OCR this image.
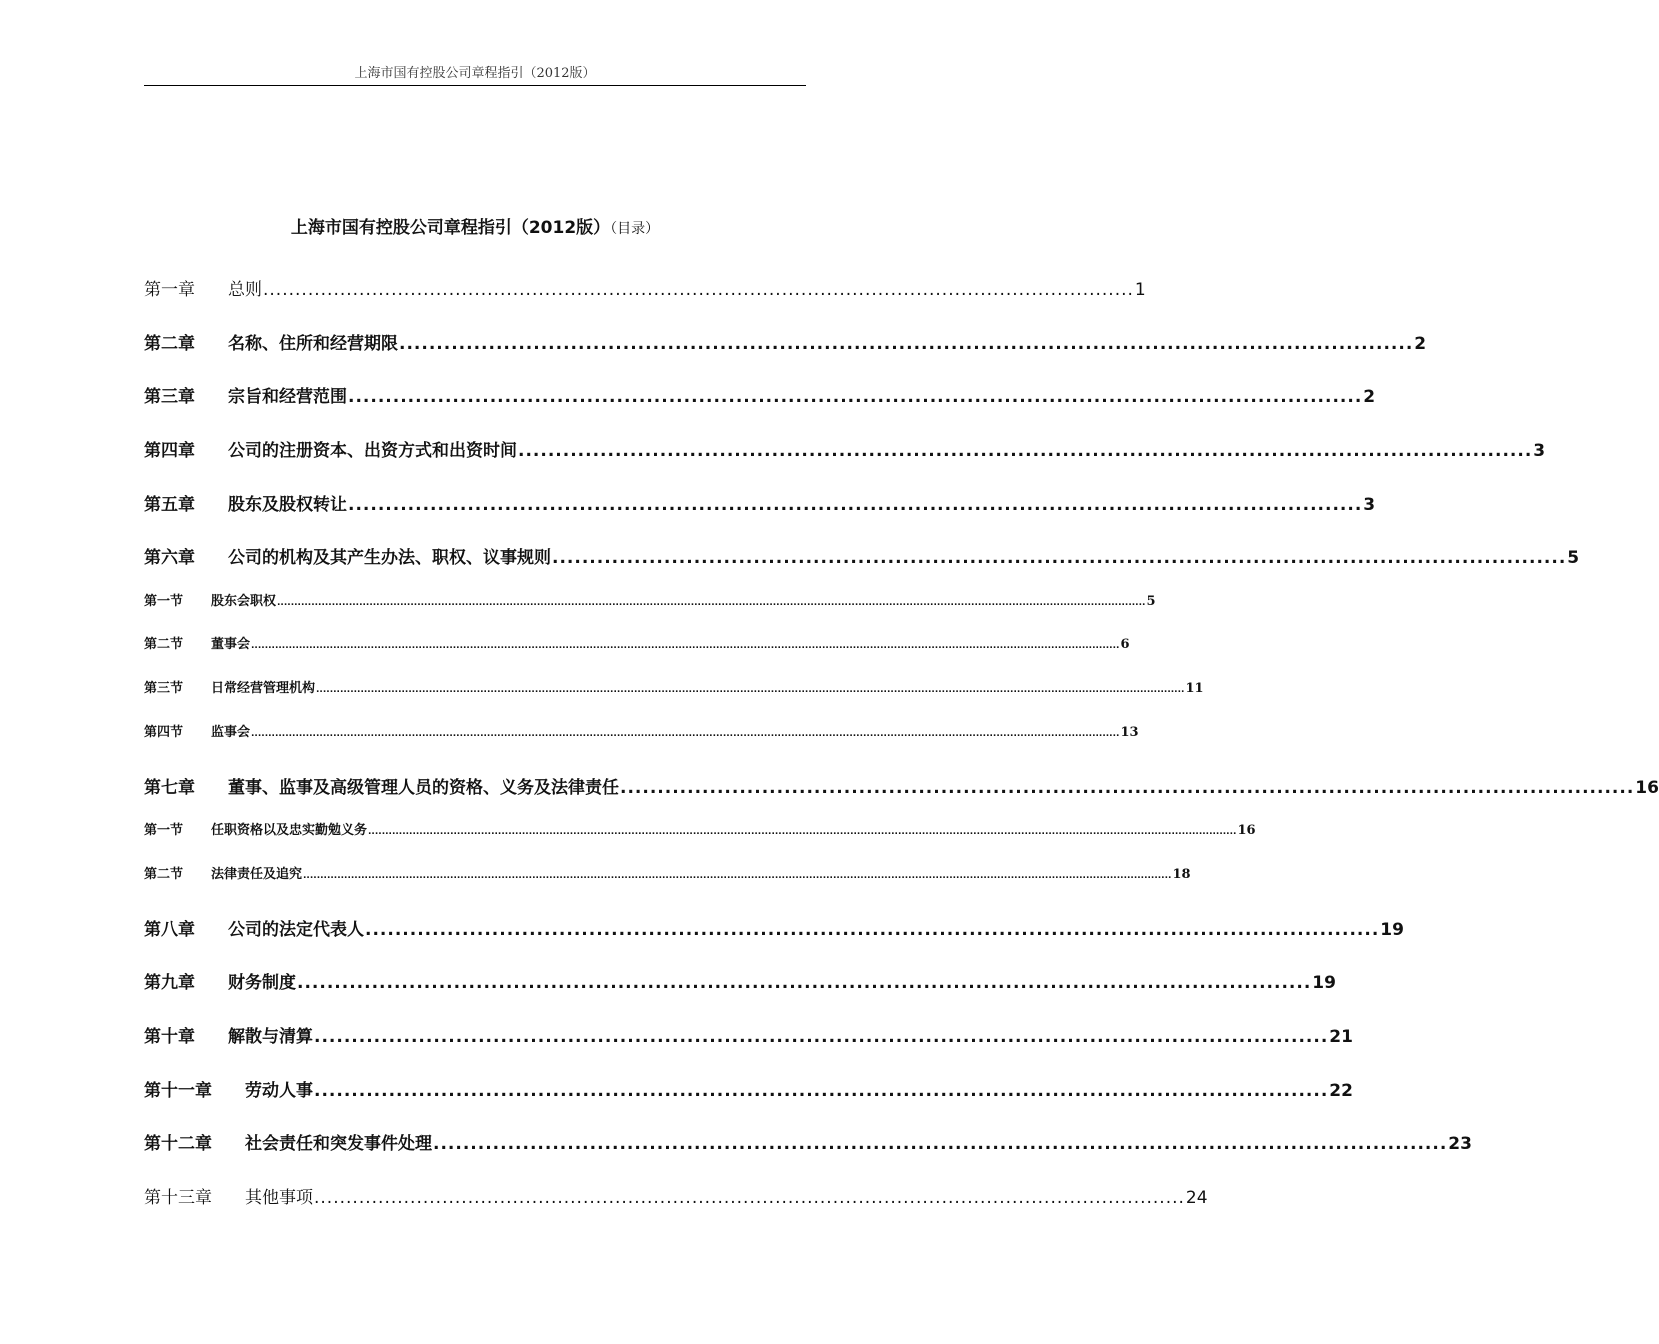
上海市国有控股公司章程指引（2012版）
上海市国有控股公司章程指引（2012版）（目录）
第一章	总则 ........................................................................................................................................ 1
第二章	名称、住所和经营期限 ........................................................................................................................................ 2
第三章	宗旨和经营范围 ........................................................................................................................................ 2
第四章	公司的注册资本、出资方式和出资时间 ........................................................................................................................................ 3
第五章	股东及股权转让 ........................................................................................................................................ 3
第六章	公司的机构及其产生办法、职权、议事规则 ........................................................................................................................................ 5
第一节	股东会职权 .............................................................................................................................................................................................................................................................. 5
第二节	董事会 .............................................................................................................................................................................................................................................................. 6
第三节	日常经营管理机构 .............................................................................................................................................................................................................................................................. 11
第四节	监事会 .............................................................................................................................................................................................................................................................. 13
第七章	董事、监事及高级管理人员的资格、义务及法律责任 ........................................................................................................................................ 16
第一节	任职资格以及忠实勤勉义务 .............................................................................................................................................................................................................................................................. 16
第二节	法律责任及追究 .............................................................................................................................................................................................................................................................. 18
第八章	公司的法定代表人 ........................................................................................................................................ 19
第九章	财务制度 ........................................................................................................................................ 19
第十章	解散与清算 ........................................................................................................................................ 21
第十一章	劳动人事 ........................................................................................................................................ 22
第十二章	社会责任和突发事件处理 ........................................................................................................................................ 23
第十三章	其他事项 ........................................................................................................................................ 24
